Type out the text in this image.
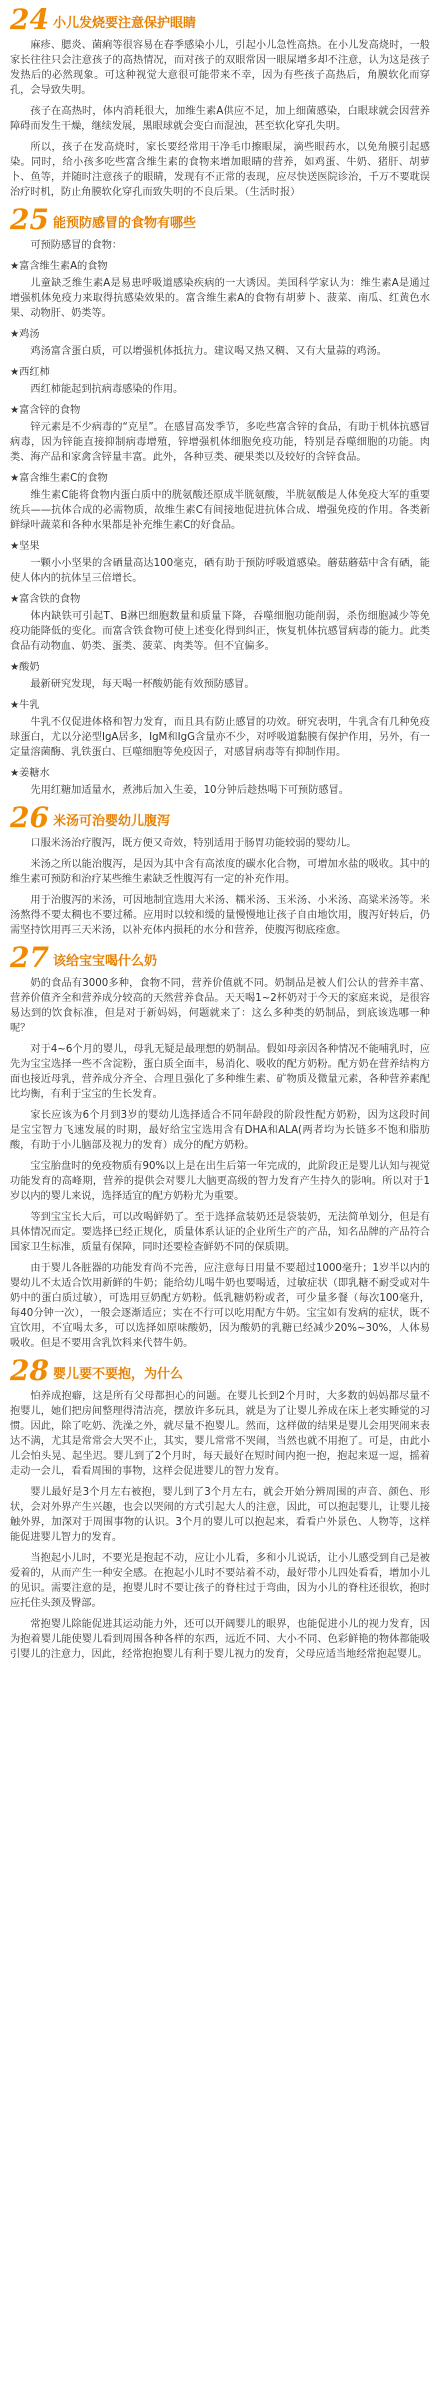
24 小儿发烧要注意保护眼睛
麻疹、腮炎、菌痢等很容易在春季感染小儿，引起小儿急性高热。在小儿发高烧时，一般家长往往只会注意孩子的高热情况，而对孩子的双眼常因一眼屎增多却不注意，认为这是孩子发热后的必然现象。可这种视觉大意很可能带来不幸，因为有些孩子高热后，角膜软化而穿孔，会导致失明。
孩子在高热时，体内消耗很大，加维生素A供应不足，加上细菌感染，白眼球就会因营养障碍而发生干燥，继续发展，黑眼球就会变白而混浊，甚至软化穿孔失明。
所以，孩子在发高烧时，家长要经常用干净毛巾擦眼屎，滴些眼药水，以免角膜引起感染。同时，给小孩多吃些富含维生素的食物来增加眼睛的营养，如鸡蛋、牛奶、猪肝、胡萝卜、鱼等，并随时注意孩子的眼睛，发现有不正常的表现，应尽快送医院诊治，千万不要耽误治疗时机，防止角膜软化穿孔而致失明的不良后果。（生活时报）
25 能预防感冒的食物有哪些
可预防感冒的食物：
★富含维生素A的食物
儿童缺乏维生素A是易患呼吸道感染疾病的一大诱因。美国科学家认为：维生素A是通过增强机体免疫力来取得抗感染效果的。富含维生素A的食物有胡萝卜、菠菜、南瓜、红黄色水果、动物肝、奶类等。
★鸡汤
鸡汤富含蛋白质，可以增强机体抵抗力。建议喝又热又稠、又有大量蒜的鸡汤。
★西红柿
西红柿能起到抗病毒感染的作用。
★富含锌的食物
锌元素是不少病毒的“克星”。在感冒高发季节，多吃些富含锌的食品，有助于机体抗感冒病毒，因为锌能直接抑制病毒增殖，锌增强机体细胞免疫功能，特别是吞噬细胞的功能。肉类、海产品和家禽含锌量丰富。此外，各种豆类、硬果类以及较好的含锌食品。
★富含维生素C的食物
维生素C能将食物内蛋白质中的胱氨酸还原成半胱氨酸，半胱氨酸是人体免疫大军的重要统兵——抗体合成的必需物质，故维生素C有间接地促进抗体合成、增强免疫的作用。各类新鲜绿叶蔬菜和各种水果都是补充维生素C的好食品。
★坚果
一颗小小坚果的含硒量高达100毫克，硒有助于预防呼吸道感染。蘑菇蘑菇中含有硒，能使人体内的抗体呈三倍增长。
★富含铁的食物
体内缺铁可引起T、B淋巴细胞数量和质量下降，吞噬细胞功能削弱，杀伤细胞减少等免疫功能降低的变化。而富含铁食物可使上述变化得到纠正，恢复机体抗感冒病毒的能力。此类食品有动物血、奶类、蛋类、菠菜、肉类等。但不宜偏多。
★酸奶
最新研究发现，每天喝一杯酸奶能有效预防感冒。
★牛乳
牛乳不仅促进体格和智力发育，而且具有防止感冒的功效。研究表明，牛乳含有几种免疫球蛋白，尤以分泌型IgA居多，IgM和IgG含量亦不少，对呼吸道黏膜有保护作用，另外，有一定量溶菌酶、乳铁蛋白、巨噬细胞等免疫因子，对感冒病毒等有抑制作用。
★姜糖水
先用红糖加适量水，煮沸后加入生姜，10分钟后趁热喝下可预防感冒。
26 米汤可治婴幼儿腹泻
口服米汤治疗腹泻，既方便又奇效，特别适用于肠胃功能较弱的婴幼儿。
米汤之所以能治腹泻，是因为其中含有高浓度的碳水化合物，可增加水盐的吸收。其中的维生素可预防和治疗某些维生素缺乏性腹泻有一定的补充作用。
用于治腹泻的米汤，可因地制宜选用大米汤、糯米汤、玉米汤、小米汤、高粱米汤等。米汤熬得不要太稠也不要过稀。应用时以较和缓的量慢慢地让孩子自由地饮用，腹泻好转后，仍需坚持饮用再三天米汤，以补充体内损耗的水分和营养，使腹泻彻底痊愈。
27 该给宝宝喝什么奶
奶的食品有3000多种，食物不同，营养价值就不同。奶制品是被人们公认的营养丰富、营养价值齐全和营养成分较高的天然营养食品。天天喝1~2杯奶对于今天的家庭来说，是很容易达到的饮食标准，但是对于新妈妈，何题就来了：这么多种类的奶制品，到底该选哪一种呢？
对于4~6个月的婴儿，母乳无疑是最理想的奶制品。假如母亲因各种情况不能哺乳时，应先为宝宝选择一些不含淀粉，蛋白质全面丰，易消化、吸收的配方奶粉。配方奶在营养结构方面也接近母乳，营养成分齐全、合理且强化了多种维生素、矿物质及微量元素，各种营养素配比均衡，有利于宝宝的生长发育。
家长应该为6个月到3岁的婴幼儿选择适合不同年龄段的阶段性配方奶粉，因为这段时间是宝宝智力飞速发展的时期，最好给宝宝选用含有DHA和ALA(两者均为长链多不饱和脂肪酸，有助于小儿脑部及视力的发育）成分的配方奶粉。
宝宝胎盘时的免疫物质有90%以上是在出生后第一年完成的，此阶段正是婴儿认知与视觉功能发育的高峰期，营养的提供会对婴儿大脑更高级的智力发育产生持久的影响。所以对于1岁以内的婴儿来说，选择适宜的配方奶粉尤为重要。
等到宝宝长大后，可以改喝鲜奶了。至于选择盒装奶还是袋装奶，无法简单划分，但是有具体情况而定。要选择已经正规化，质量体系认证的企业所生产的产品，知名品牌的产品符合国家卫生标准，质量有保障，同时还要检查鲜奶不同的保质期。
由于婴儿各脏器的功能发育尚不完善，应注意每日用量不要超过1000毫升；1岁半以内的婴幼儿不太适合饮用新鲜的牛奶；能给幼儿喝牛奶也要喝适，过敏症状（即乳糖不耐受或对牛奶中的蛋白质过敏），可选用豆奶配方奶粉。低乳糖奶粉或者，可少量多餐（每次100毫升，每40分钟一次），一般会逐渐适应；实在不行可以吃用配方牛奶。宝宝如有发病的症状，既不宜饮用，不宜喝太多，可以选择如原味酸奶，因为酸奶的乳糖已经减少20%~30%，人体易吸收。但是不要用含乳饮料来代替牛奶。
28 婴儿要不要抱，为什么
怕养成抱癖，这是所有父母都担心的问题。在婴儿长到2个月时，大多数的妈妈都尽量不抱婴儿，她们把房间整理得清洁亮，摆放许多玩具，就是为了让婴儿养成在床上老实睡觉的习惯。因此，除了吃奶、洗澡之外，就尽量不抱婴儿。然而，这样做的结果是婴儿会用哭闹来表达不满，尤其是常常会大哭不止，其实，婴儿常常不哭闹，当然也就不用抱了。可是，由此小儿会怕头晃、起坐迟。婴儿到了2个月时，每天最好在短时间内抱一抱，抱起来逗一逗，摇着走动一会儿，看看周围的事物，这样会促进婴儿的智力发育。
婴儿最好是3个月左右被抱，婴儿到了3个月左右，就会开始分辨周围的声音、颜色、形状，会对外界产生兴趣，也会以哭闹的方式引起大人的注意，因此，可以抱起婴儿，让婴儿接触外界，加深对于周围事物的认识。3个月的婴儿可以抱起来，看看户外景色、人物等，这样能促进婴儿智力的发育。
当抱起小儿时，不要光是抱起不动，应让小儿看，多和小儿说话，让小儿感受到自己是被爱着的，从而产生一种安全感。在抱起小儿时不要站着不动，最好带小儿四处看看，增加小儿的见识。需要注意的是，抱婴儿时不要让孩子的脊柱过于弯曲，因为小儿的脊柱还很软，抱时应托住头颈及臀部。
常抱婴儿除能促进其运动能力外，还可以开阔婴儿的眼界，也能促进小儿的视力发育，因为抱着婴儿能使婴儿看到周围各种各样的东西，远近不同、大小不同、色彩鲜艳的物体都能吸引婴儿的注意力，因此，经常抱抱婴儿有利于婴儿视力的发育，父母应适当地经常抱起婴儿。
